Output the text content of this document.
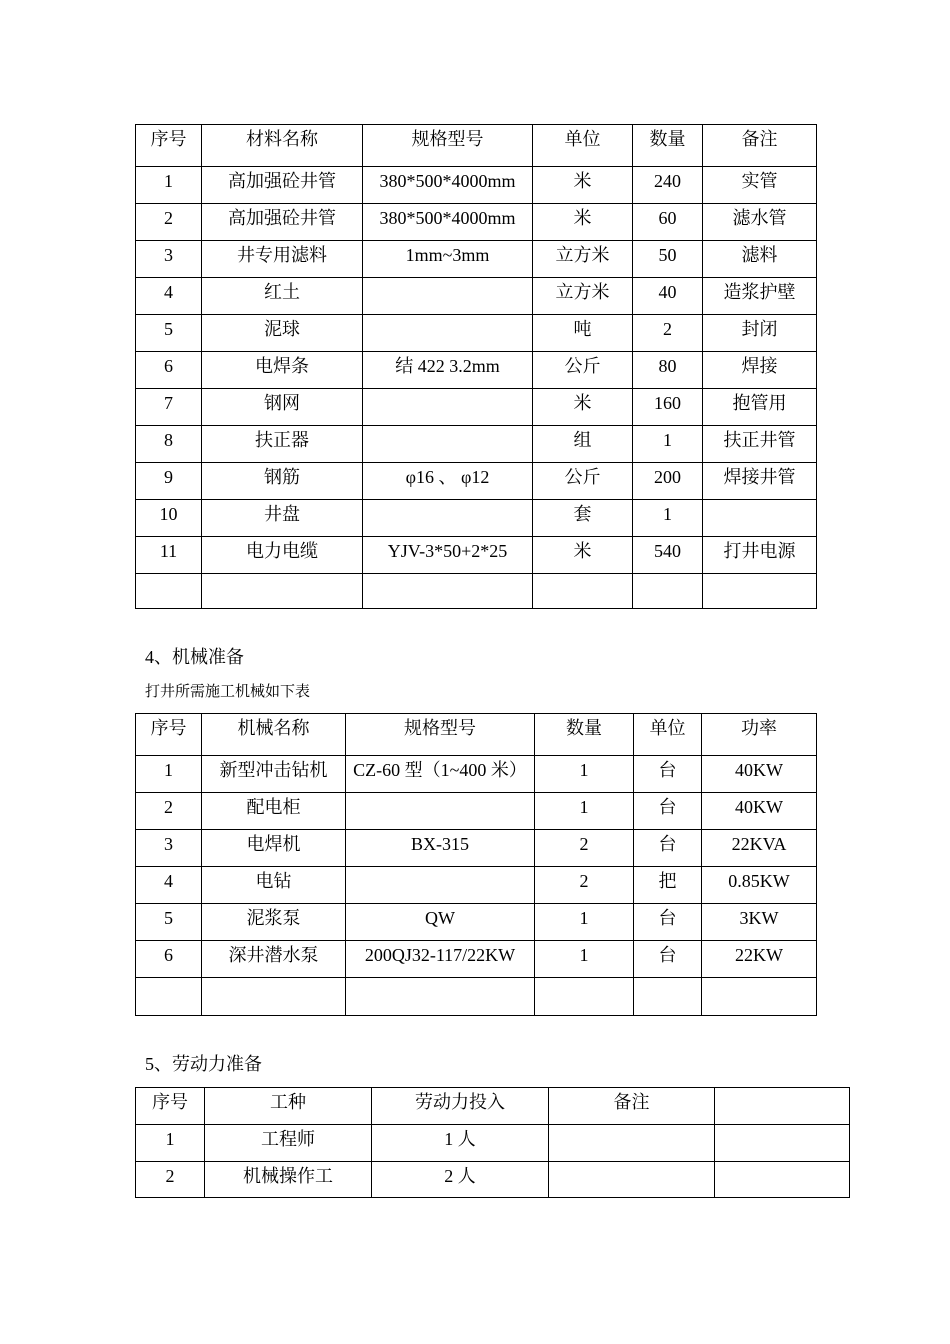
序号	材料名称	规格型号	单位	数量	备注
1	高加强砼井管	380*500*4000mm	米	240	实管
2	高加强砼井管	380*500*4000mm	米	60	滤水管
3	井专用滤料	1mm~3mm	立方米	50	滤料
4	红土		立方米	40	造浆护壁
5	泥球		吨	2	封闭
6	电焊条	结 422 3.2mm	公斤	80	焊接
7	钢网		米	160	抱管用
8	扶正器		组	1	扶正井管
9	钢筋	φ16 、 φ12	公斤	200	焊接井管
10	井盘		套	1	
11	电力电缆	YJV-3*50+2*25	米	540	打井电源

4、机械准备
打井所需施工机械如下表
序号	机械名称	规格型号	数量	单位	功率
1	新型冲击钻机	CZ-60 型（1~400 米）	1	台	40KW
2	配电柜		1	台	40KW
3	电焊机	BX-315	2	台	22KVA
4	电钻		2	把	0.85KW
5	泥浆泵	QW	1	台	3KW
6	深井潜水泵	200QJ32-117/22KW	1	台	22KW

5、劳动力准备
序号	工种	劳动力投入	备注	
1	工程师	1 人		
2	机械操作工	2 人		
